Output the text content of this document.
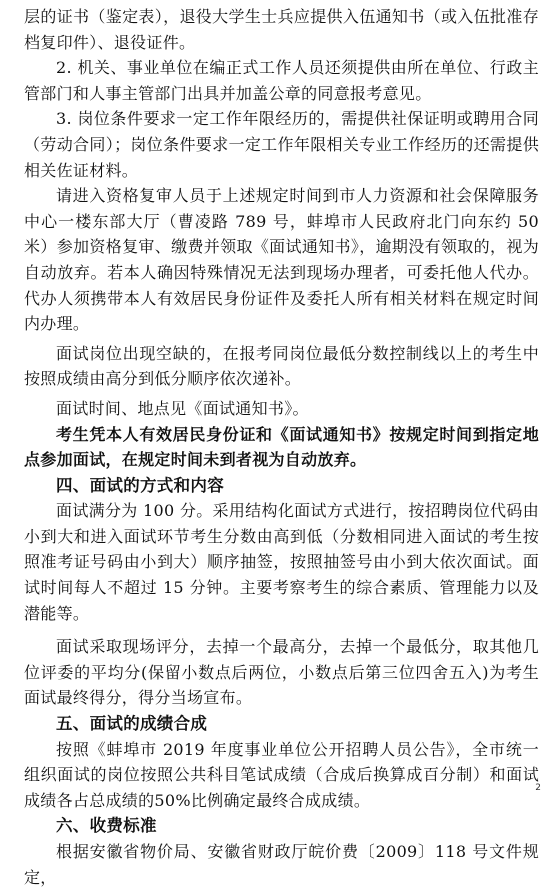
层的证书（鉴定表），退役大学生士兵应提供入伍通知书（或入伍批准存档复印件）、退役证件。

2. 机关、事业单位在编正式工作人员还须提供由所在单位、行政主管部门和人事主管部门出具并加盖公章的同意报考意见。

3. 岗位条件要求一定工作年限经历的，需提供社保证明或聘用合同（劳动合同）；岗位条件要求一定工作年限相关专业工作经历的还需提供相关佐证材料。

请进入资格复审人员于上述规定时间到市人力资源和社会保障服务中心一楼东部大厅（曹凌路 789 号，蚌埠市人民政府北门向东约 50 米）参加资格复审、缴费并领取《面试通知书》，逾期没有领取的，视为自动放弃。若本人确因特殊情况无法到现场办理者，可委托他人代办。代办人须携带本人有效居民身份证件及委托人所有相关材料在规定时间内办理。

面试岗位出现空缺的，在报考同岗位最低分数控制线以上的考生中按照成绩由高分到低分顺序依次递补。

面试时间、地点见《面试通知书》。

考生凭本人有效居民身份证和《面试通知书》按规定时间到指定地点参加面试，在规定时间未到者视为自动放弃。

四、面试的方式和内容

面试满分为 100 分。采用结构化面试方式进行，按招聘岗位代码由小到大和进入面试环节考生分数由高到低（分数相同进入面试的考生按照准考证号码由小到大）顺序抽签，按照抽签号由小到大依次面试。面试时间每人不超过 15 分钟。主要考察考生的综合素质、管理能力以及潜能等。

面试采取现场评分，去掉一个最高分，去掉一个最低分，取其他几位评委的平均分(保留小数点后两位，小数点后第三位四舍五入)为考生面试最终得分，得分当场宣布。

五、面试的成绩合成

按照《蚌埠市 2019 年度事业单位公开招聘人员公告》，全市统一组织面试的岗位按照公共科目笔试成绩（合成后换算成百分制）和面试成绩各占总成绩的50%比例确定最终合成成绩。

六、收费标准

根据安徽省物价局、安徽省财政厅皖价费〔2009〕118 号文件规定，

2
